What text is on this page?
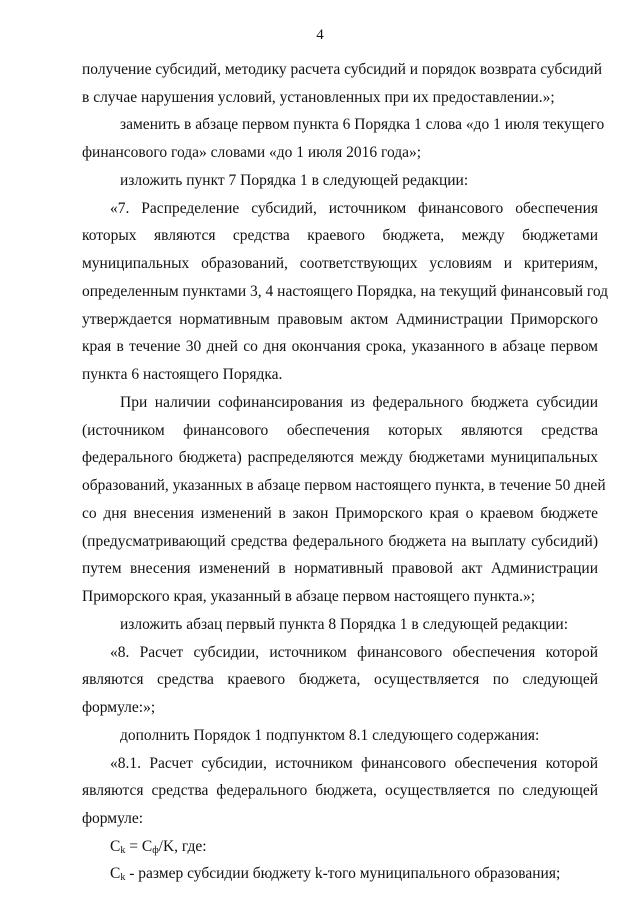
4
получение субсидий, методику расчета субсидий и порядок возврата субсидий
в случае нарушения условий, установленных при их предоставлении.»;
заменить в абзаце первом пункта 6 Порядка 1 слова «до 1 июля текущего
финансового года» словами «до 1 июля 2016 года»;
изложить пункт 7 Порядка 1 в следующей редакции:
«7. Распределение субсидий, источником финансового обеспечения
которых являются средства краевого бюджета, между бюджетами
муниципальных образований, соответствующих условиям и критериям,
определенным пунктами 3, 4 настоящего Порядка, на текущий финансовый год
утверждается нормативным правовым актом Администрации Приморского
края в течение 30 дней со дня окончания срока, указанного в абзаце первом
пункта 6 настоящего Порядка.
При наличии софинансирования из федерального бюджета субсидии
(источником финансового обеспечения которых являются средства
федерального бюджета) распределяются между бюджетами муниципальных
образований, указанных в абзаце первом настоящего пункта, в течение 50 дней
со дня внесения изменений в закон Приморского края о краевом бюджете
(предусматривающий средства федерального бюджета на выплату субсидий)
путем внесения изменений в нормативный правовой акт Администрации
Приморского края, указанный в абзаце первом настоящего пункта.»;
изложить абзац первый пункта 8 Порядка 1 в следующей редакции:
«8. Расчет субсидии, источником финансового обеспечения которой
являются средства краевого бюджета, осуществляется по следующей
формуле:»;
дополнить Порядок 1 подпунктом 8.1 следующего содержания:
«8.1. Расчет субсидии, источником финансового обеспечения которой
являются средства федерального бюджета, осуществляется по следующей
формуле:
$C_k = C_ф/K$, где:
$C_k$ - размер субсидии бюджету k-того муниципального образования;
